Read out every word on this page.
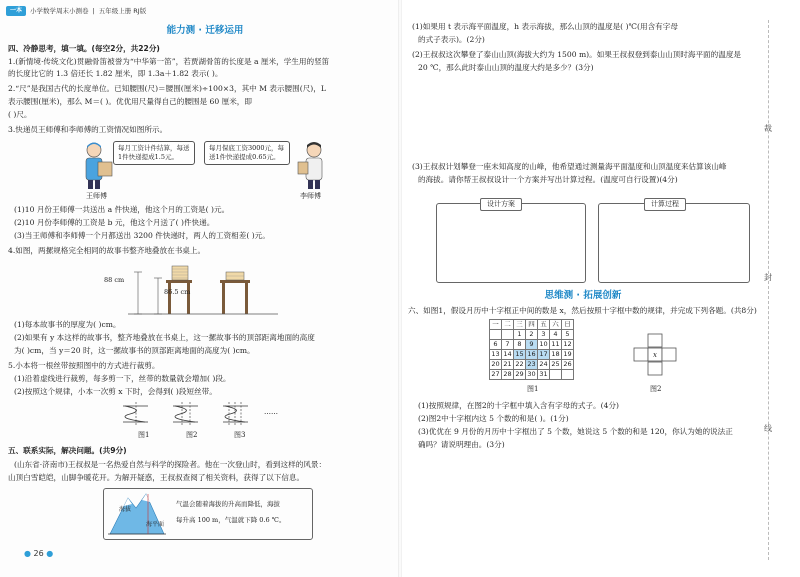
一本	小学数学周末小测卷 | 五年级上册 RJ版
能力测 · 迁移运用
四、冷静思考，填一填。(每空2分，共22分)
1.(新情境·传统文化)贯融骨笛被誉为“中华第一笛”，若贾湖骨笛的长度是 a 厘米，学生用的竖笛
的长度比它的 1.3 倍还长 1.82 厘米，即 1.3a＋1.82 表示( )。
2.“尺”是我国古代的长度单位。已知腰围(尺)＝腰围(厘米)÷100×3，其中 M 表示腰围(尺)，L
表示腰围(厘米)，那么 M＝( )。优优用尺量得自己的腰围是 60 厘米，即
( )尺。
3.快递员王师傅和李师傅的工资情况如图所示。
每月工资计件结算，每送1件快递提成1.5元。
王师傅
每月保底工资3000元，每送1件快递提成0.65元。
李师傅
(1)10 月份王师傅一共送出 a 件快递，他这个月的工资是( )元。
(2)10 月份李师傅的工资是 b 元，他这个月送了( )件快递。
(3)当王师傅和李师傅一个月都送出 3200 件快递时，两人的工资相差( )元。
4.如图，两摞规格完全相同的故事书整齐地叠放在书桌上。
88 cm
86.5 cm
(1)每本故事书的厚度为( )cm。
(2)如果有 y 本这样的故事书，整齐地叠放在书桌上，这一摞故事书的顶部距离地面的高度
为( )cm，当 y＝20 时，这一摞故事书的顶部距离地面的高度为( )cm。
5.小本将一根丝带按照图中的方式进行裁剪。
(1)沿着虚线进行裁剪，每多剪一下，丝带的数量就会增加( )段。
(2)按照这个规律，小本一次剪 x 下时，会得到( )段短丝带。
……
图1	图2	图3
五、联系实际，解决问题。(共9分)
(山东省·济南市)王叔叔是一名热爱自然与科学的探险者。他在一次登山时，看到这样的风景：
山顶白雪皑皑，山脚争暖花开。为解开疑惑，王叔叔查阅了相关资料，获得了以下信息。
海拔
海平面
气温会随着海拔的升高而降低，海拔
每升高 100 m，气温就下降 0.6 ℃。
● 26 ●
(1)如果用 t 表示海平面温度，h 表示海拔，那么山顶的温度是( )℃(用含有字母
的式子表示)。(2分)
(2)王叔叔这次攀登了泰山山顶(海拔大约为 1500 m)。如果王叔叔登到泰山山顶时海平面的温度是
20 ℃，那么此时泰山山顶的温度大约是多少？(3分)
(3)王叔叔计划攀登一座未知高度的山峰，他希望通过测量海平面温度和山顶温度来估算该山峰
的海拔。请你帮王叔叔设计一个方案并写出计算过程。(温度可自行设置)(4分)
设计方案	计算过程
思维测 · 拓展创新
六、如图1，假设月历中十字框正中间的数是 x，然后按照十字框中数的规律，并完成下列各题。(共8分)
一	二	三	四	五	六	日
		1	2	3	4	5
6	7	8	9	10	11	12
13	14	15	16	17	18	19
20	21	22	23	24	25	26
27	28	29	30	31		
图1
x
图2
(1)按照规律，在图2的十字框中填入含有字母的式子。(4分)
(2)图2中十字框内这 5 个数的和是( )。(1分)
(3)优优在 9 月份的月历中十字框出了 5 个数，她说这 5 个数的和是 120，你认为她的说法正
确吗？请说明理由。(3分)
裁
封
线
